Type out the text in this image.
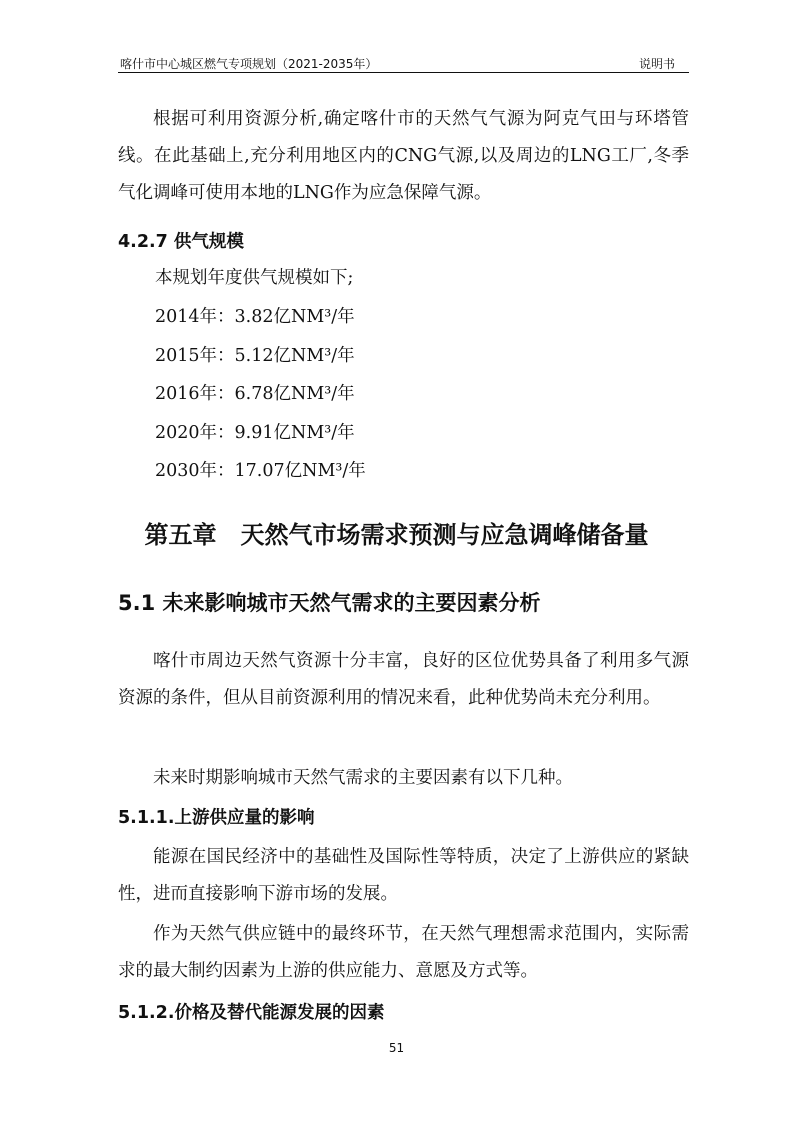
喀什市中心城区燃气专项规划（2021-2035年）	说明书
根据可利用资源分析,确定喀什市的天然气气源为阿克气田与环塔管线。在此基础上,充分利用地区内的CNG气源,以及周边的LNG工厂,冬季气化调峰可使用本地的LNG作为应急保障气源。
4.2.7 供气规模
本规划年度供气规模如下;
2014年：3.82亿NM³/年
2015年：5.12亿NM³/年
2016年：6.78亿NM³/年
2020年：9.91亿NM³/年
2030年：17.07亿NM³/年
第五章　天然气市场需求预测与应急调峰储备量
5.1 未来影响城市天然气需求的主要因素分析
喀什市周边天然气资源十分丰富，良好的区位优势具备了利用多气源资源的条件，但从目前资源利用的情况来看，此种优势尚未充分利用。
未来时期影响城市天然气需求的主要因素有以下几种。
5.1.1.上游供应量的影响
能源在国民经济中的基础性及国际性等特质，决定了上游供应的紧缺性，进而直接影响下游市场的发展。
作为天然气供应链中的最终环节，在天然气理想需求范围内，实际需求的最大制约因素为上游的供应能力、意愿及方式等。
5.1.2.价格及替代能源发展的因素
51
